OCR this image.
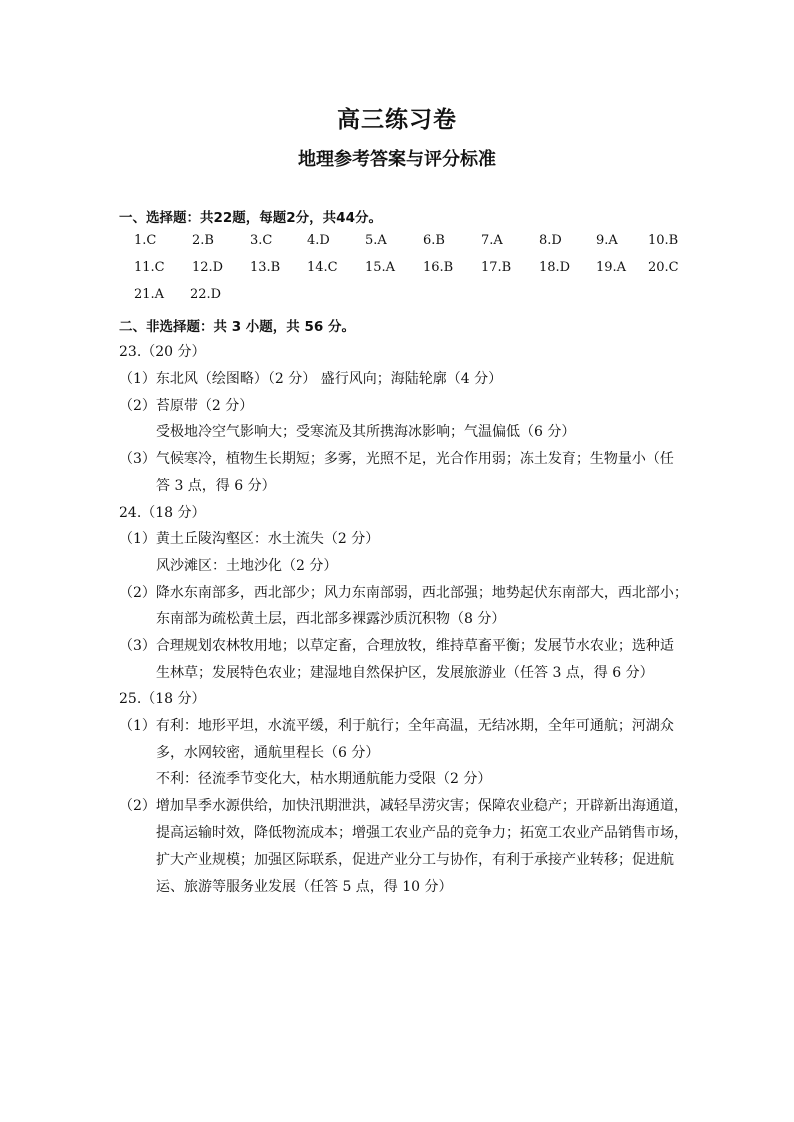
高三练习卷
地理参考答案与评分标准
一、选择题：共22题，每题2分，共44分。
1.C	2.B	3.C	4.D	5.A	6.B	7.A	8.D	9.A 10.B
11.C 12.D 13.B 14.C 15.A 16.B 17.B 18.D 19.A 20.C
21.A 22.D
二、非选择题：共 3 小题，共 56 分。
23.（20 分）
（1）东北风（绘图略）（2 分） 盛行风向；海陆轮廓（4 分）
（2）苔原带（2 分）
受极地冷空气影响大；受寒流及其所携海冰影响；气温偏低（6 分）
（3）气候寒冷，植物生长期短；多雾，光照不足，光合作用弱；冻土发育；生物量小（任
答 3 点，得 6 分）
24.（18 分）
（1）黄土丘陵沟壑区：水土流失（2 分）
风沙滩区：土地沙化（2 分）
（2）降水东南部多，西北部少；风力东南部弱，西北部强；地势起伏东南部大，西北部小；
东南部为疏松黄土层，西北部多裸露沙质沉积物（8 分）
（3）合理规划农林牧用地；以草定畜，合理放牧，维持草畜平衡；发展节水农业；选种适
生林草；发展特色农业；建湿地自然保护区，发展旅游业（任答 3 点，得 6 分）
25.（18 分）
（1）有利：地形平坦，水流平缓，利于航行；全年高温，无结冰期，全年可通航；河湖众
多，水网较密，通航里程长（6 分）
不利：径流季节变化大，枯水期通航能力受限（2 分）
（2）增加旱季水源供给，加快汛期泄洪，减轻旱涝灾害；保障农业稳产；开辟新出海通道，
提高运输时效，降低物流成本；增强工农业产品的竞争力；拓宽工农业产品销售市场，
扩大产业规模；加强区际联系，促进产业分工与协作，有利于承接产业转移；促进航
运、旅游等服务业发展（任答 5 点，得 10 分）
